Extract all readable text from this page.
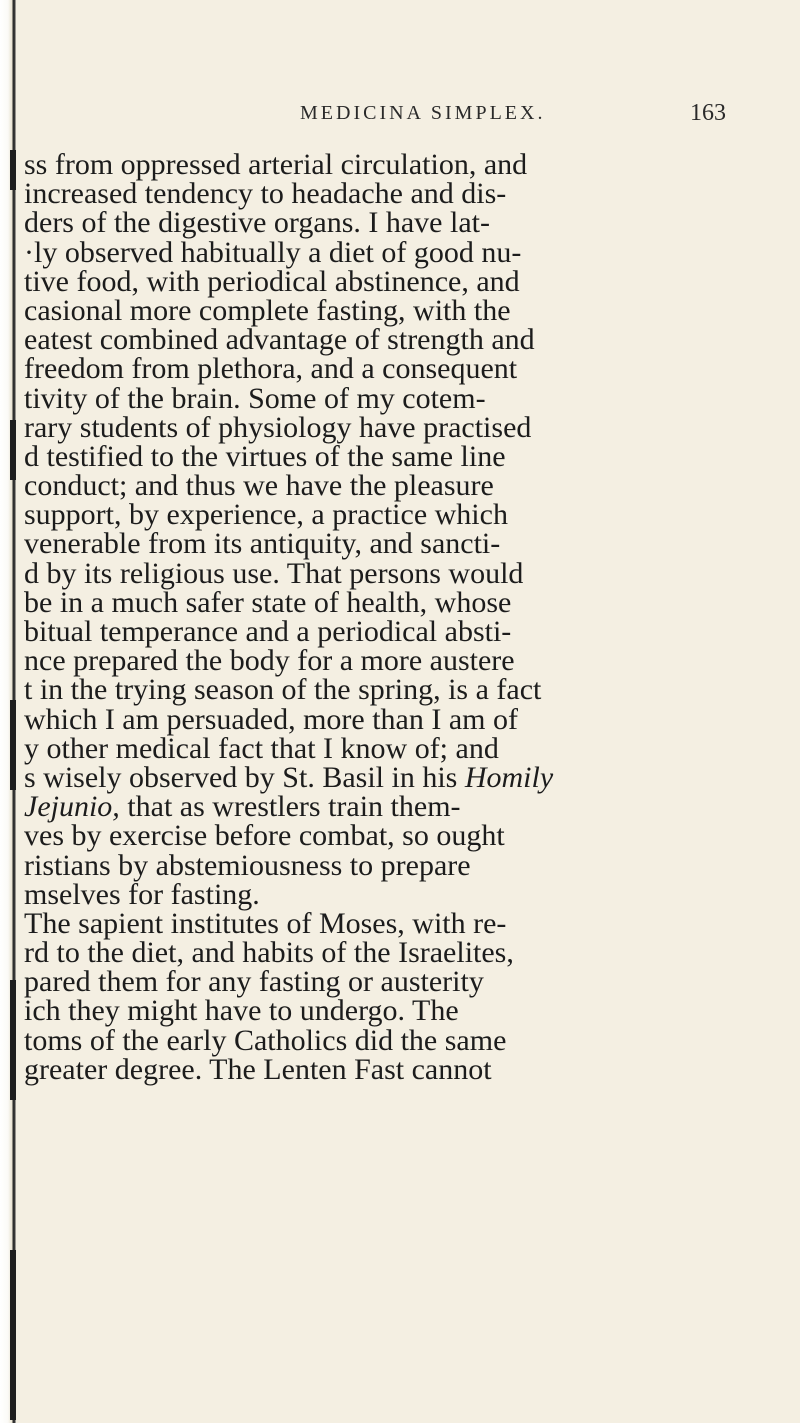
MEDICINA SIMPLEX.	163
ss from oppressed arterial circulation, and
increased tendency to headache and dis-
ders of the digestive organs. I have lat-
·ly observed habitually a diet of good nu-
tive food, with periodical abstinence, and
casional more complete fasting, with the
eatest combined advantage of strength and
freedom from plethora, and a consequent
tivity of the brain. Some of my cotem-
rary students of physiology have practised
d testified to the virtues of the same line
conduct; and thus we have the pleasure
support, by experience, a practice which
venerable from its antiquity, and sancti-
d by its religious use. That persons would
be in a much safer state of health, whose
bitual temperance and a periodical absti-
nce prepared the body for a more austere
t in the trying season of the spring, is a fact
which I am persuaded, more than I am of
y other medical fact that I know of; and
s wisely observed by St. Basil in his Homily
Jejunio, that as wrestlers train them-
ves by exercise before combat, so ought
ristians by abstemiousness to prepare
mselves for fasting.
The sapient institutes of Moses, with re-
rd to the diet, and habits of the Israelites,
pared them for any fasting or austerity
ich they might have to undergo. The
toms of the early Catholics did the same
greater degree. The Lenten Fast cannot
